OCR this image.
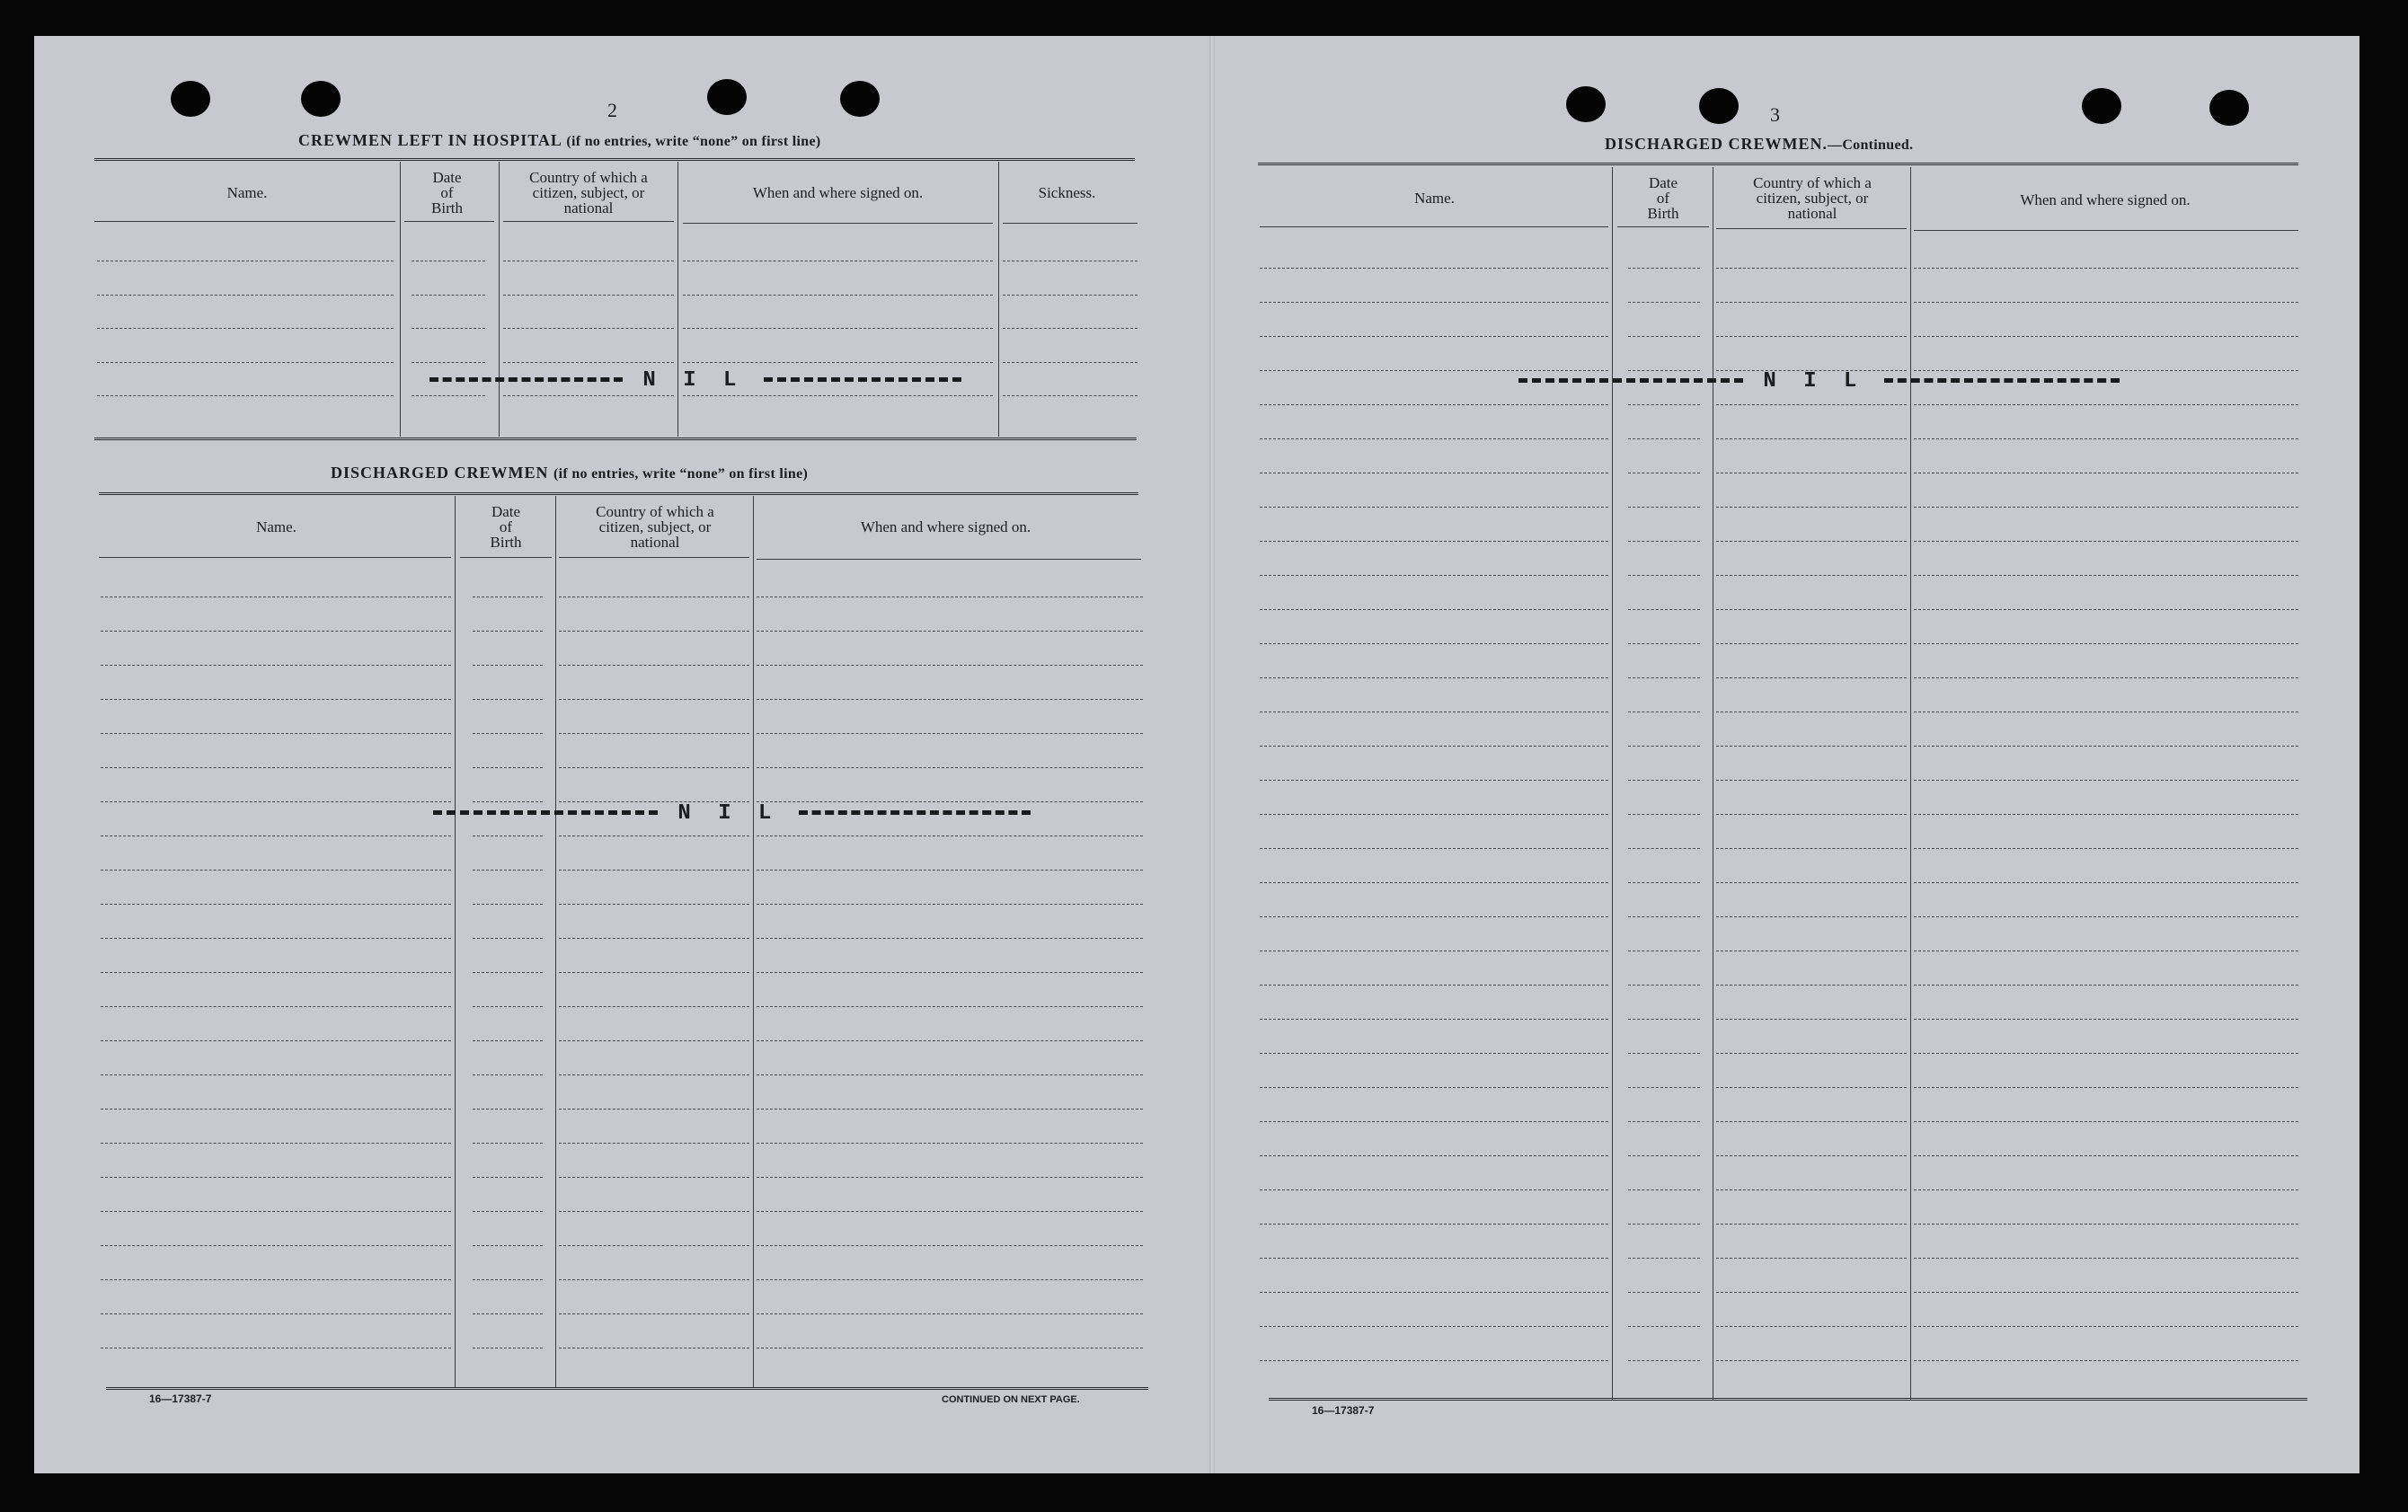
2
CREWMEN LEFT IN HOSPITAL (if no entries, write “none” on first line)
Name.
Date
of
Birth
Country of which a
citizen, subject, or
national
When and where signed on.	Sickness.
N I L
DISCHARGED CREWMEN (if no entries, write “none” on first line)
Name.
Date
of
Birth
Country of which a
citizen, subject, or
national
When and where signed on.
N I L
16—17387-7	CONTINUED ON NEXT PAGE.
3
DISCHARGED CREWMEN.—Continued.
Name.
Date
of
Birth
Country of which a
citizen, subject, or
national
When and where signed on.
N I L
16—17387-7
